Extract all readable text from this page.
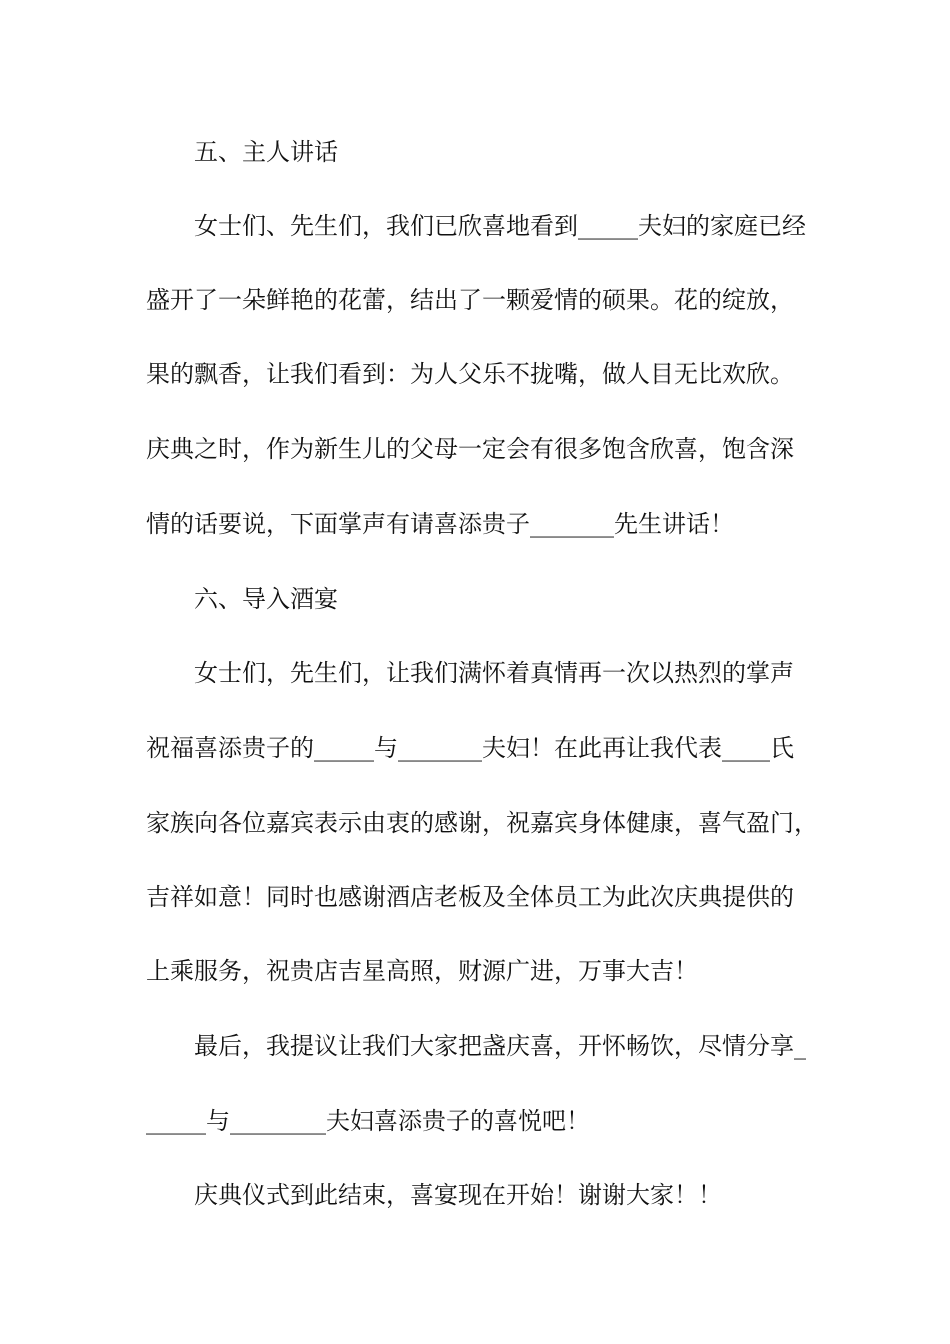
五、主人讲话
女士们、先生们，我们已欣喜地看到_____夫妇的家庭已经
盛开了一朵鲜艳的花蕾，结出了一颗爱情的硕果。花的绽放，
果的飘香，让我们看到：为人父乐不拢嘴，做人目无比欢欣。
庆典之时，作为新生儿的父母一定会有很多饱含欣喜，饱含深
情的话要说，下面掌声有请喜添贵子_______先生讲话！
六、导入酒宴
女士们，先生们，让我们满怀着真情再一次以热烈的掌声
祝福喜添贵子的_____与_______夫妇！在此再让我代表____氏
家族向各位嘉宾表示由衷的感谢，祝嘉宾身体健康，喜气盈门，
吉祥如意！同时也感谢酒店老板及全体员工为此次庆典提供的
上乘服务，祝贵店吉星高照，财源广进，万事大吉！
最后，我提议让我们大家把盏庆喜，开怀畅饮，尽情分享_
_____与________夫妇喜添贵子的喜悦吧！
庆典仪式到此结束，喜宴现在开始！谢谢大家！！
